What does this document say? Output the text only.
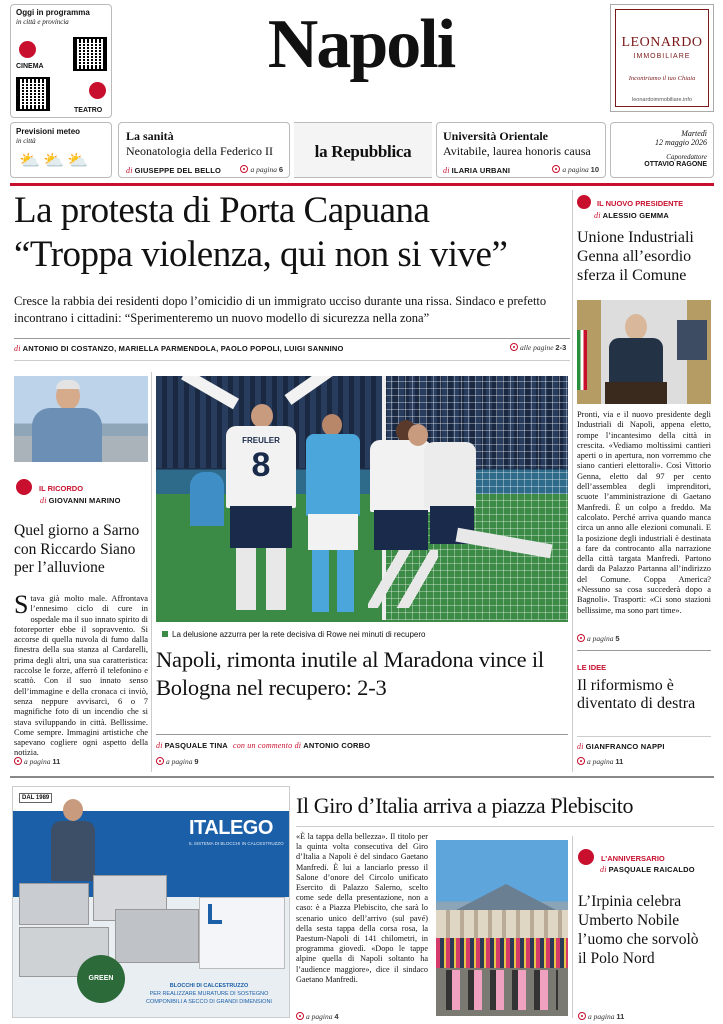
Oggi in programma
in città e provincia
CINEMA
TEATRO
Napoli	LEONARDO
IMMOBILIARE
Incontriamo il tuo Chiaia
leonardoimmobiliare.info
Previsioni meteo
in città
⛅⛅⛅
La sanità
Neonatologia della Federico II
di GIUSEPPE DEL BELLO	a pagina 6
la Repubblica
Università Orientale
Avitabile, laurea honoris causa
di ILARIA URBANI	a pagina 10
Martedì
12 maggio 2026
Caporedattore
OTTAVIO RAGONE
La protesta di Porta Capuana
“Troppa violenza, qui non si vive”
Cresce la rabbia dei residenti dopo l’omicidio di un immigrato ucciso durante una rissa. Sindaco e prefetto incontrano i cittadini: “Sperimenteremo un nuovo modello di sicurezza nella zona”
di ANTONIO DI COSTANZO, MARIELLA PARMENDOLA, PAOLO POPOLI, LUIGI SANNINO	alle pagine 2-3
IL NUOVO PRESIDENTE
di ALESSIO GEMMA
Unione Industriali Genna all’esordio sferza il Comune
Pronti, via e il nuovo presidente degli Industriali di Napoli, appena eletto, rompe l’incantesimo della città in crescita. «Vediamo moltissimi cantieri aperti o in apertura, non vorremmo che siano cantieri elettorali». Così Vittorio Genna, eletto dal 97 per cento dell’assemblea degli imprenditori, scuote l’amministrazione di Gaetano Manfredi. È un colpo a freddo. Ma calcolato. Perché arriva quando manca circa un anno alle elezioni comunali. E la posizione degli industriali è destinata a fare da controcanto alla narrazione della città targata Manfredi. Partono dardi da Palazzo Partanna all’indirizzo del Comune. Coppa America? «Nessuno sa cosa succederà dopo a Bagnoli». Trasporti: «Ci sono stazioni bellissime, ma sono part time».
a pagina 5
LE IDEE
Il riformismo è diventato di destra
di GIANFRANCO NAPPI
a pagina 11
IL RICORDO
di GIOVANNI MARINO
Quel giorno a Sarno con Riccardo Siano per l’alluvione
Stava già molto male. Affrontava l’ennesimo ciclo di cure in ospedale ma il suo innato spirito di fotoreporter ebbe il sopravvento. Si accorse di quella nuvola di fumo dalla finestra della sua stanza al Cardarelli, prima degli altri, una sua caratteristica: raccolse le forze, afferrò il telefonino e scattò. Con il suo innato senso dell’immagine e della cronaca ci inviò, senza neppure avvisarci, 6 o 7 magnifiche foto di un incendio che si stava sviluppando in città. Bellissime. Come sempre. Immagini artistiche che sapevano cogliere ogni aspetto della notizia.
a pagina 11
FREULER
8
La delusione azzurra per la rete decisiva di Rowe nei minuti di recupero
Napoli, rimonta inutile al Maradona vince il Bologna nel recupero: 2-3
di PASQUALE TINA con un commento di ANTONIO CORBO
a pagina 9
DAL 1989
ITALEGO
IL SISTEMA DI BLOCCHI IN CALCESTRUZZO
GREEN
BLOCCHI DI CALCESTRUZZO
PER REALIZZARE MURATURE DI SOSTEGNO
COMPONIBILI A SECCO DI GRANDI DIMENSIONI
Il Giro d’Italia arriva a piazza Plebiscito
«È la tappa della bellezza». Il titolo per la quinta volta consecutiva del Giro d’Italia a Napoli è del sindaco Gaetano Manfredi. È lui a lanciarlo presso il Salone d’onore del Circolo unificato Esercito di Palazzo Salerno, scelto come sede della presentazione, non a caso: è a Piazza Plebiscito, che sarà lo scenario unico dell’arrivo (sul pavé) della sesta tappa della corsa rosa, la Paestum-Napoli di 141 chilometri, in programma giovedì. «Dopo le tappe alpine quella di Napoli soltanto ha l’audience maggiore», dice il sindaco Gaetano Manfredi.
a pagina 4
L’ANNIVERSARIO
di PASQUALE RAICALDO
L’Irpinia celebra Umberto Nobile l’uomo che sorvolò il Polo Nord
a pagina 11
